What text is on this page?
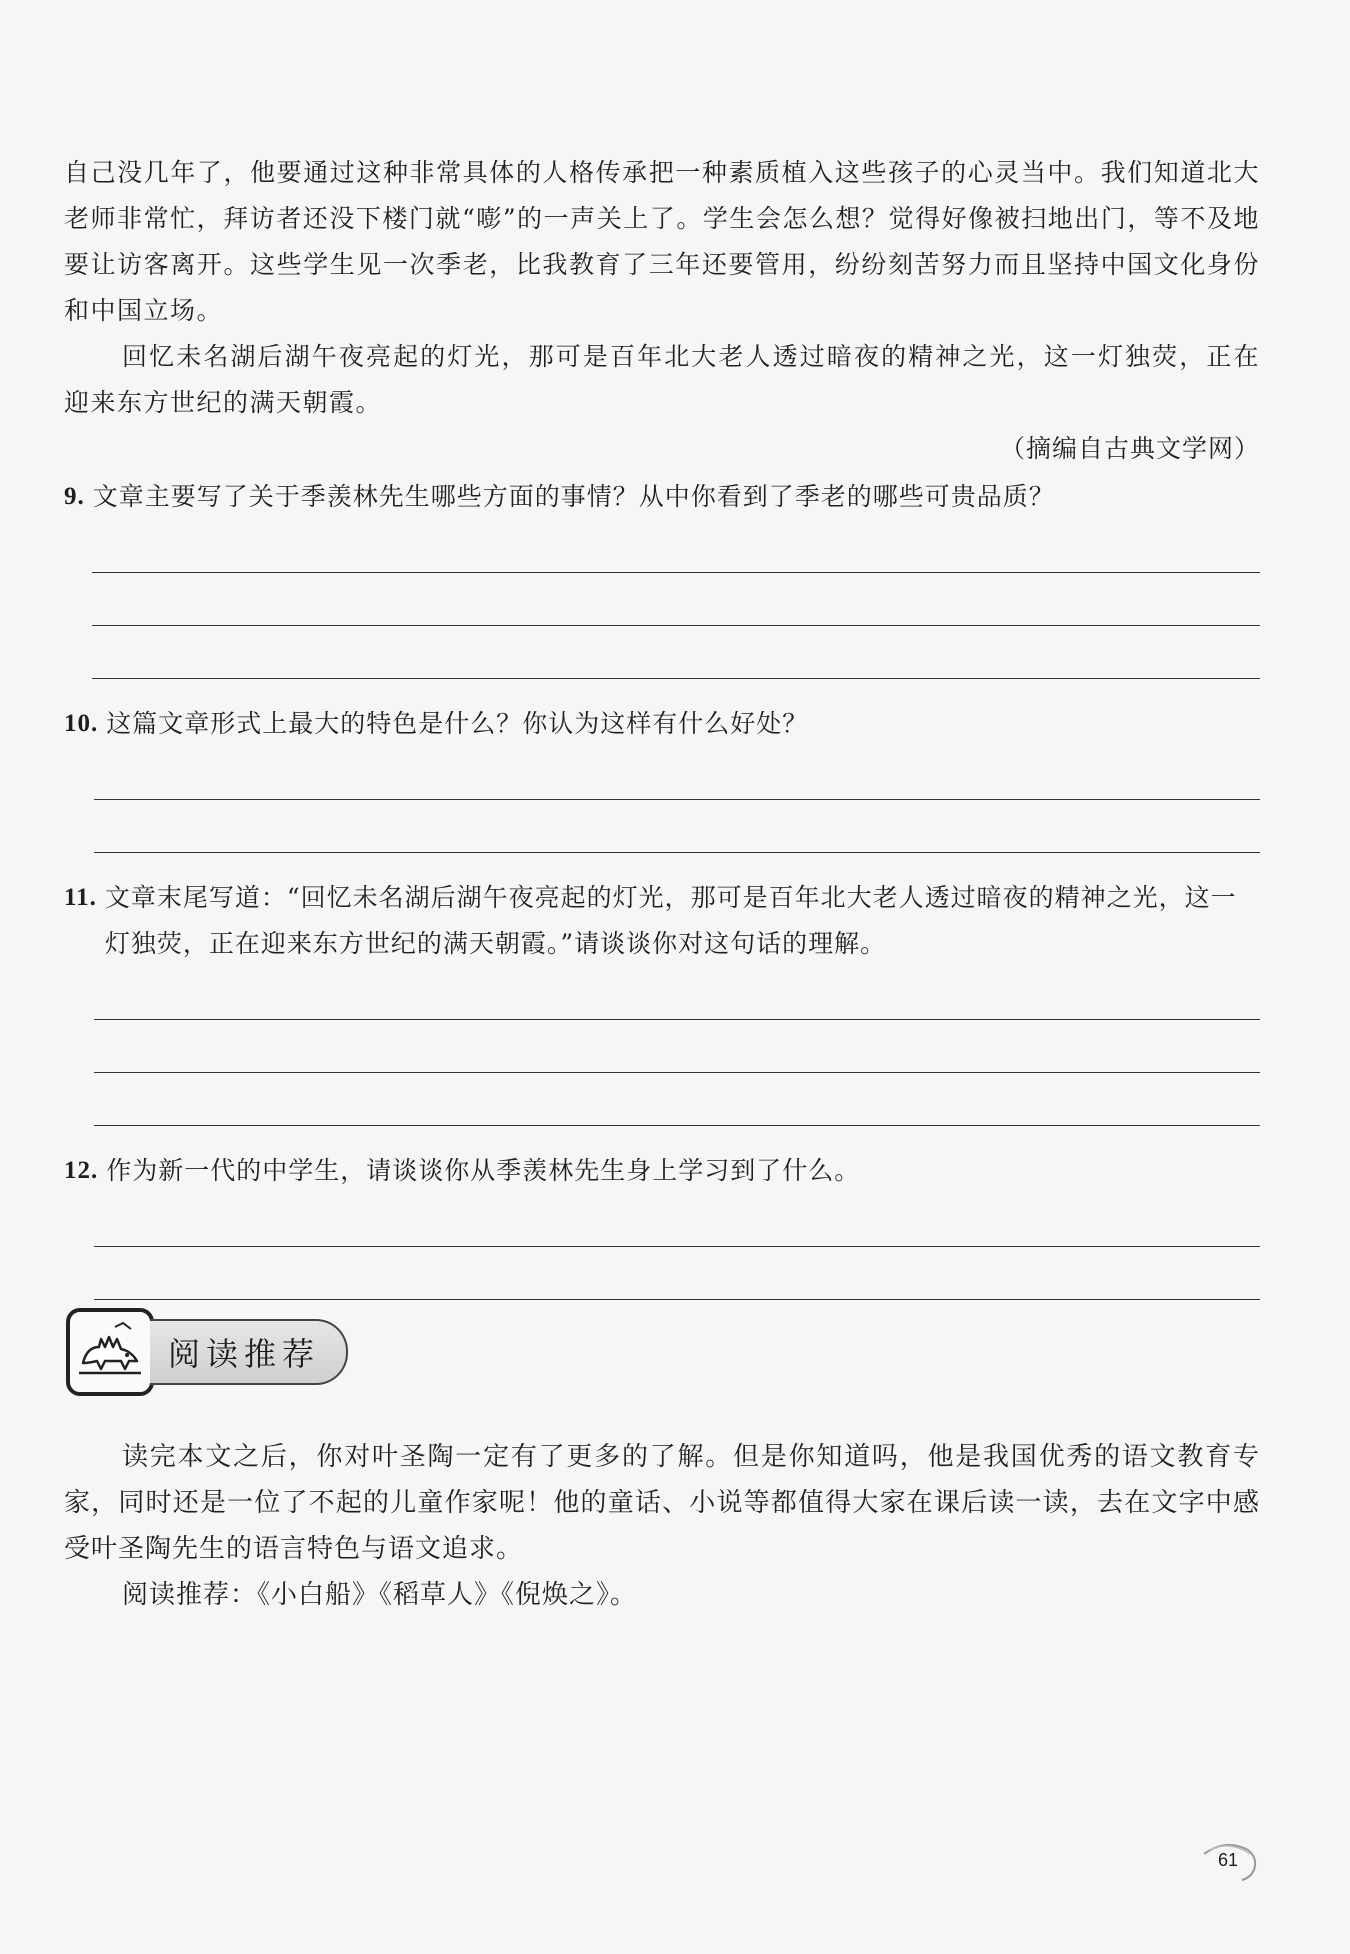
自己没几年了，他要通过这种非常具体的人格传承把一种素质植入这些孩子的心灵当中。我们知道北大老师非常忙，拜访者还没下楼门就“嘭”的一声关上了。学生会怎么想？觉得好像被扫地出门，等不及地要让访客离开。这些学生见一次季老，比我教育了三年还要管用，纷纷刻苦努力而且坚持中国文化身份和中国立场。

回忆未名湖后湖午夜亮起的灯光，那可是百年北大老人透过暗夜的精神之光，这一灯独荧，正在迎来东方世纪的满天朝霞。

（摘编自古典文学网）
9. 文章主要写了关于季羡林先生哪些方面的事情？从中你看到了季老的哪些可贵品质？
10. 这篇文章形式上最大的特色是什么？你认为这样有什么好处？
11. 文章末尾写道：“回忆未名湖后湖午夜亮起的灯光，那可是百年北大老人透过暗夜的精神之光，这一灯独荧，正在迎来东方世纪的满天朝霞。”请谈谈你对这句话的理解。
12. 作为新一代的中学生，请谈谈你从季羡林先生身上学习到了什么。
阅读推荐

读完本文之后，你对叶圣陶一定有了更多的了解。但是你知道吗，他是我国优秀的语文教育专家，同时还是一位了不起的儿童作家呢！他的童话、小说等都值得大家在课后读一读，去在文字中感受叶圣陶先生的语言特色与语文追求。

阅读推荐：《小白船》《稻草人》《倪焕之》。

61
